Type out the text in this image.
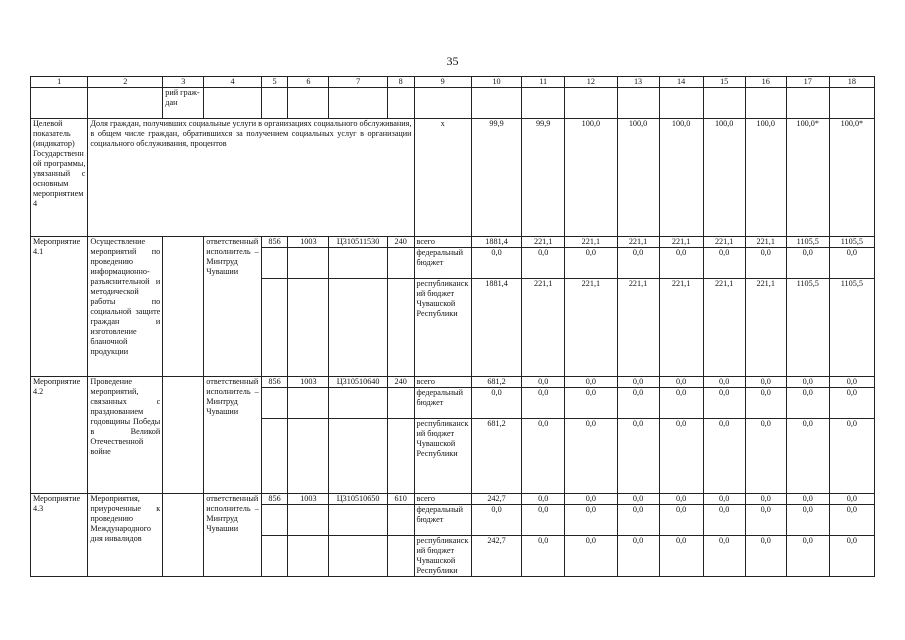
35
1	2	3	4	5	6	7	8	9	10	11	12	13	14	15	16	17	18
		рий граж-дан															
Целевой показатель (индикатор) Государственной программы, увязанный с основным мероприятием 4	Доля граждан, получивших социальные услуги в организациях социального обслуживания, в общем числе граждан, обратившихся за получением социальных услуг в организации социального обслуживания, процентов							х	99,9	99,9	100,0	100,0	100,0	100,0	100,0	100,0*	100,0*
Мероприятие 4.1	Осуществление мероприятий по проведению информационно-разъяснительной и методической работы по социальной защите граждан и изготовление бланочной продукции		ответственный исполнитель – Минтруд Чувашии	856	1003	Ц310511530	240	всего	1881,4	221,1	221,1	221,1	221,1	221,1	221,1	1105,5	1105,5
								федеральный бюджет	0,0	0,0	0,0	0,0	0,0	0,0	0,0	0,0	0,0
								республиканский бюджет Чувашской Республики	1881,4	221,1	221,1	221,1	221,1	221,1	221,1	1105,5	1105,5
Мероприятие 4.2	Проведение мероприятий, связанных с празднованием годовщины Победы в Великой Отечественной войне		ответственный исполнитель – Минтруд Чувашии	856	1003	Ц310510640	240	всего	681,2	0,0	0,0	0,0	0,0	0,0	0,0	0,0	0,0
								федеральный бюджет	0,0	0,0	0,0	0,0	0,0	0,0	0,0	0,0	0,0
								республиканский бюджет Чувашской Республики	681,2	0,0	0,0	0,0	0,0	0,0	0,0	0,0	0,0
Мероприятие 4.3	Мероприятия, приуроченные к проведению Международного дня инвалидов		ответственный исполнитель – Минтруд Чувашии	856	1003	Ц310510650	610	всего	242,7	0,0	0,0	0,0	0,0	0,0	0,0	0,0	0,0
								федеральный бюджет	0,0	0,0	0,0	0,0	0,0	0,0	0,0	0,0	0,0
								республиканский бюджет Чувашской Республики	242,7	0,0	0,0	0,0	0,0	0,0	0,0	0,0	0,0
